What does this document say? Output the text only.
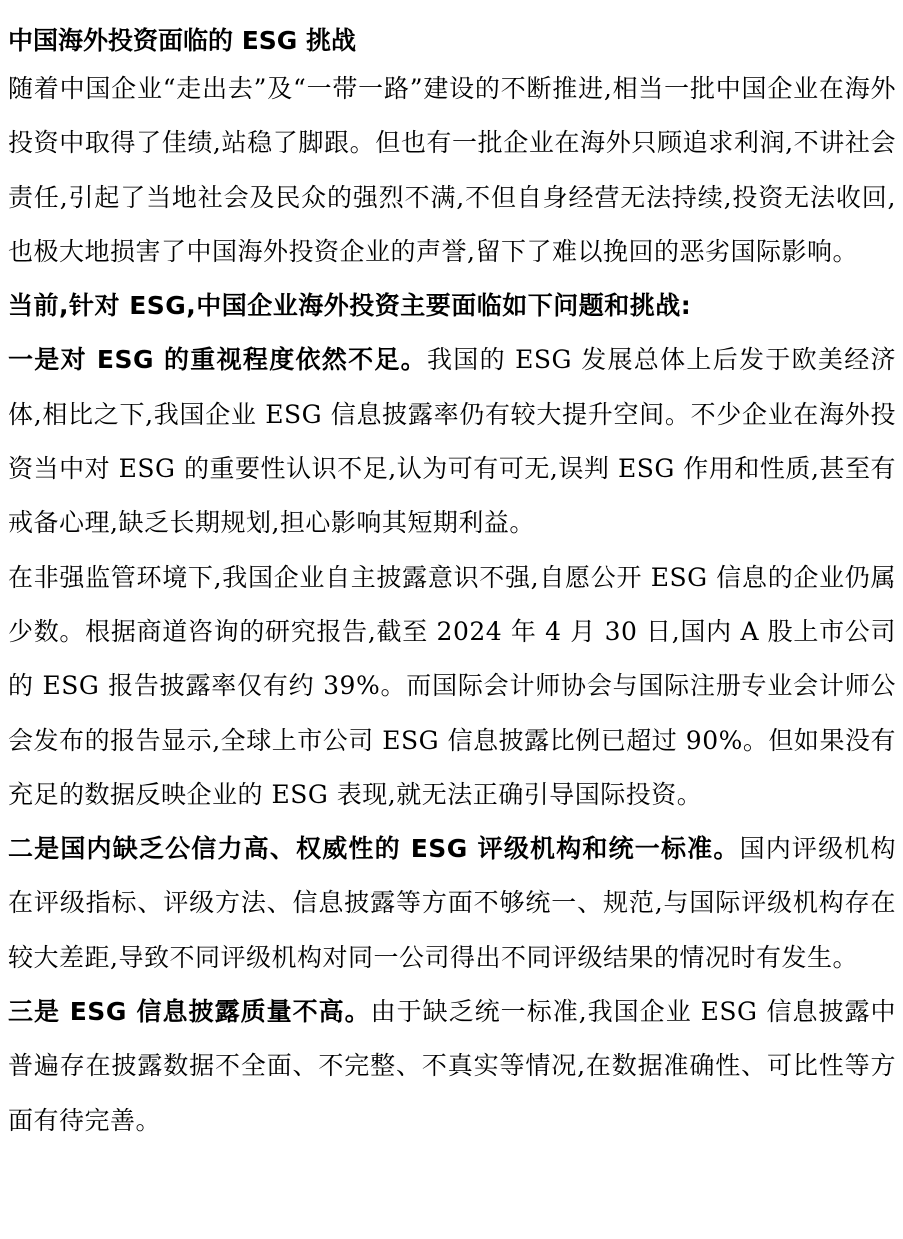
中国海外投资面临的 ESG 挑战

随着中国企业“走出去”及“一带一路”建设的不断推进,相当一批中国企业在海外投资中取得了佳绩,站稳了脚跟。但也有一批企业在海外只顾追求利润,不讲社会责任,引起了当地社会及民众的强烈不满,不但自身经营无法持续,投资无法收回,也极大地损害了中国海外投资企业的声誉,留下了难以挽回的恶劣国际影响。

当前,针对 ESG,中国企业海外投资主要面临如下问题和挑战:

一是对 ESG 的重视程度依然不足。我国的 ESG 发展总体上后发于欧美经济体,相比之下,我国企业 ESG 信息披露率仍有较大提升空间。不少企业在海外投资当中对 ESG 的重要性认识不足,认为可有可无,误判 ESG 作用和性质,甚至有戒备心理,缺乏长期规划,担心影响其短期利益。

在非强监管环境下,我国企业自主披露意识不强,自愿公开 ESG 信息的企业仍属少数。根据商道咨询的研究报告,截至 2024 年 4 月 30 日,国内 A 股上市公司的 ESG 报告披露率仅有约 39%。而国际会计师协会与国际注册专业会计师公会发布的报告显示,全球上市公司 ESG 信息披露比例已超过 90%。但如果没有充足的数据反映企业的 ESG 表现,就无法正确引导国际投资。

二是国内缺乏公信力高、权威性的 ESG 评级机构和统一标准。国内评级机构在评级指标、评级方法、信息披露等方面不够统一、规范,与国际评级机构存在较大差距,导致不同评级机构对同一公司得出不同评级结果的情况时有发生。

三是 ESG 信息披露质量不高。由于缺乏统一标准,我国企业 ESG 信息披露中普遍存在披露数据不全面、不完整、不真实等情况,在数据准确性、可比性等方面有待完善。
